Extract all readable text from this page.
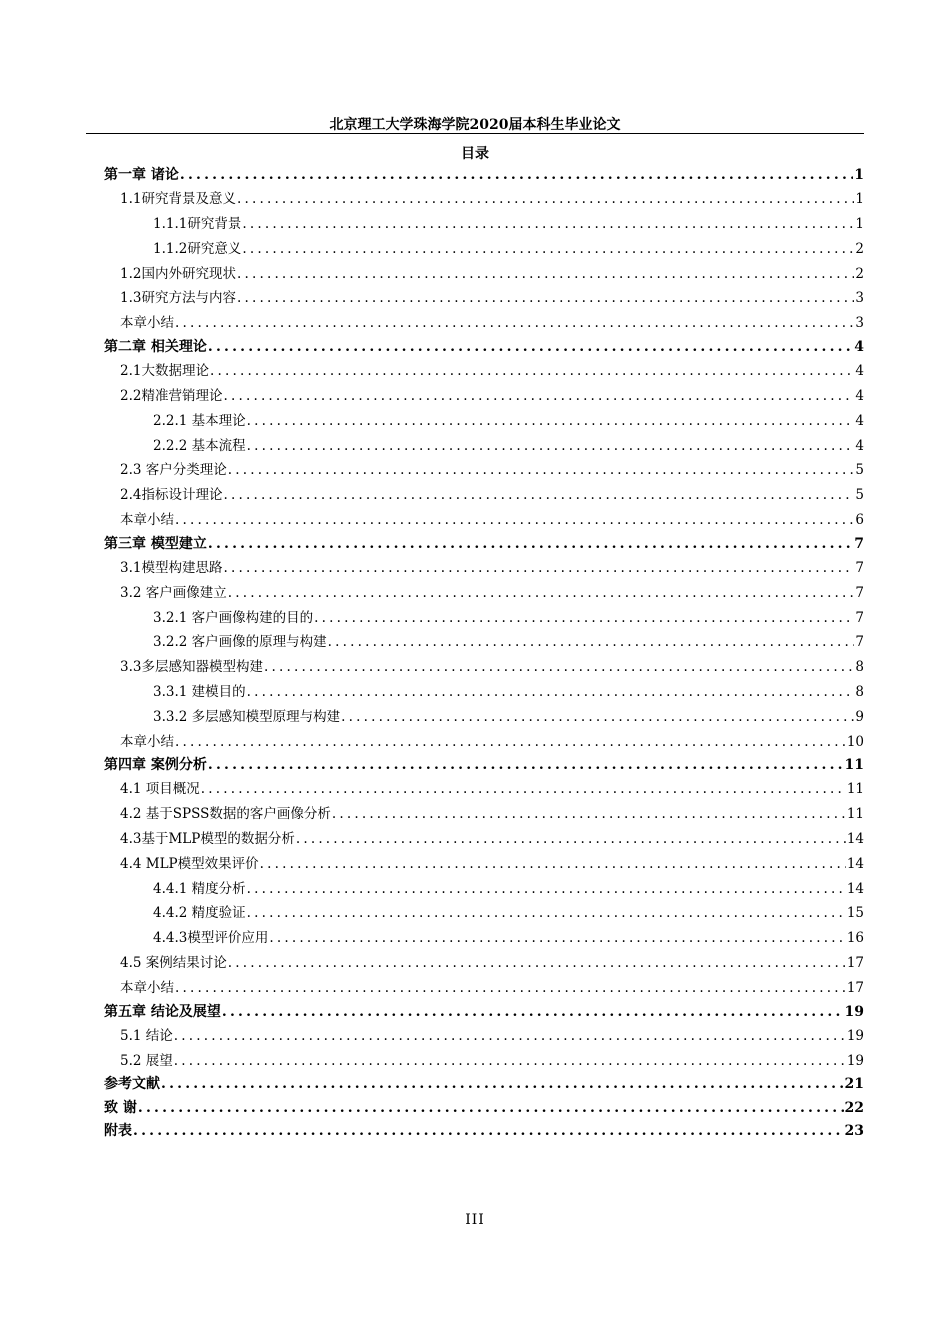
北京理工大学珠海学院2020届本科生毕业论文
目录
第一章 诸论 .....	1
1.1研究背景及意义 .....	1
1.1.1研究背景 .....	1
1.1.2研究意义 .....	2
1.2国内外研究现状 .....	2
1.3研究方法与内容 .....	3
本章小结 .....	3
第二章 相关理论 .....	4
2.1大数据理论 .....	4
2.2精准营销理论 .....	4
2.2.1 基本理论 .....	4
2.2.2 基本流程 .....	4
2.3 客户分类理论 .....	5
2.4指标设计理论 .....	5
本章小结 .....	6
第三章 模型建立 .....	7
3.1模型构建思路 .....	7
3.2 客户画像建立 .....	7
3.2.1 客户画像构建的目的 .....	7
3.2.2 客户画像的原理与构建 .....	7
3.3多层感知器模型构建 .....	8
3.3.1 建模目的 .....	8
3.3.2 多层感知模型原理与构建 .....	9
本章小结 .....	10
第四章 案例分析 .....	11
4.1 项目概况 .....	11
4.2 基于SPSS数据的客户画像分析 .....	11
4.3基于MLP模型的数据分析 .....	14
4.4 MLP模型效果评价 .....	14
4.4.1 精度分析 .....	14
4.4.2 精度验证 .....	15
4.4.3模型评价应用 .....	16
4.5 案例结果讨论 .....	17
本章小结 .....	17
第五章 结论及展望 .....	19
5.1 结论 .....	19
5.2 展望 .....	19
参考文献 .....	21
致 谢 .....	22
附表 .....	23
III
